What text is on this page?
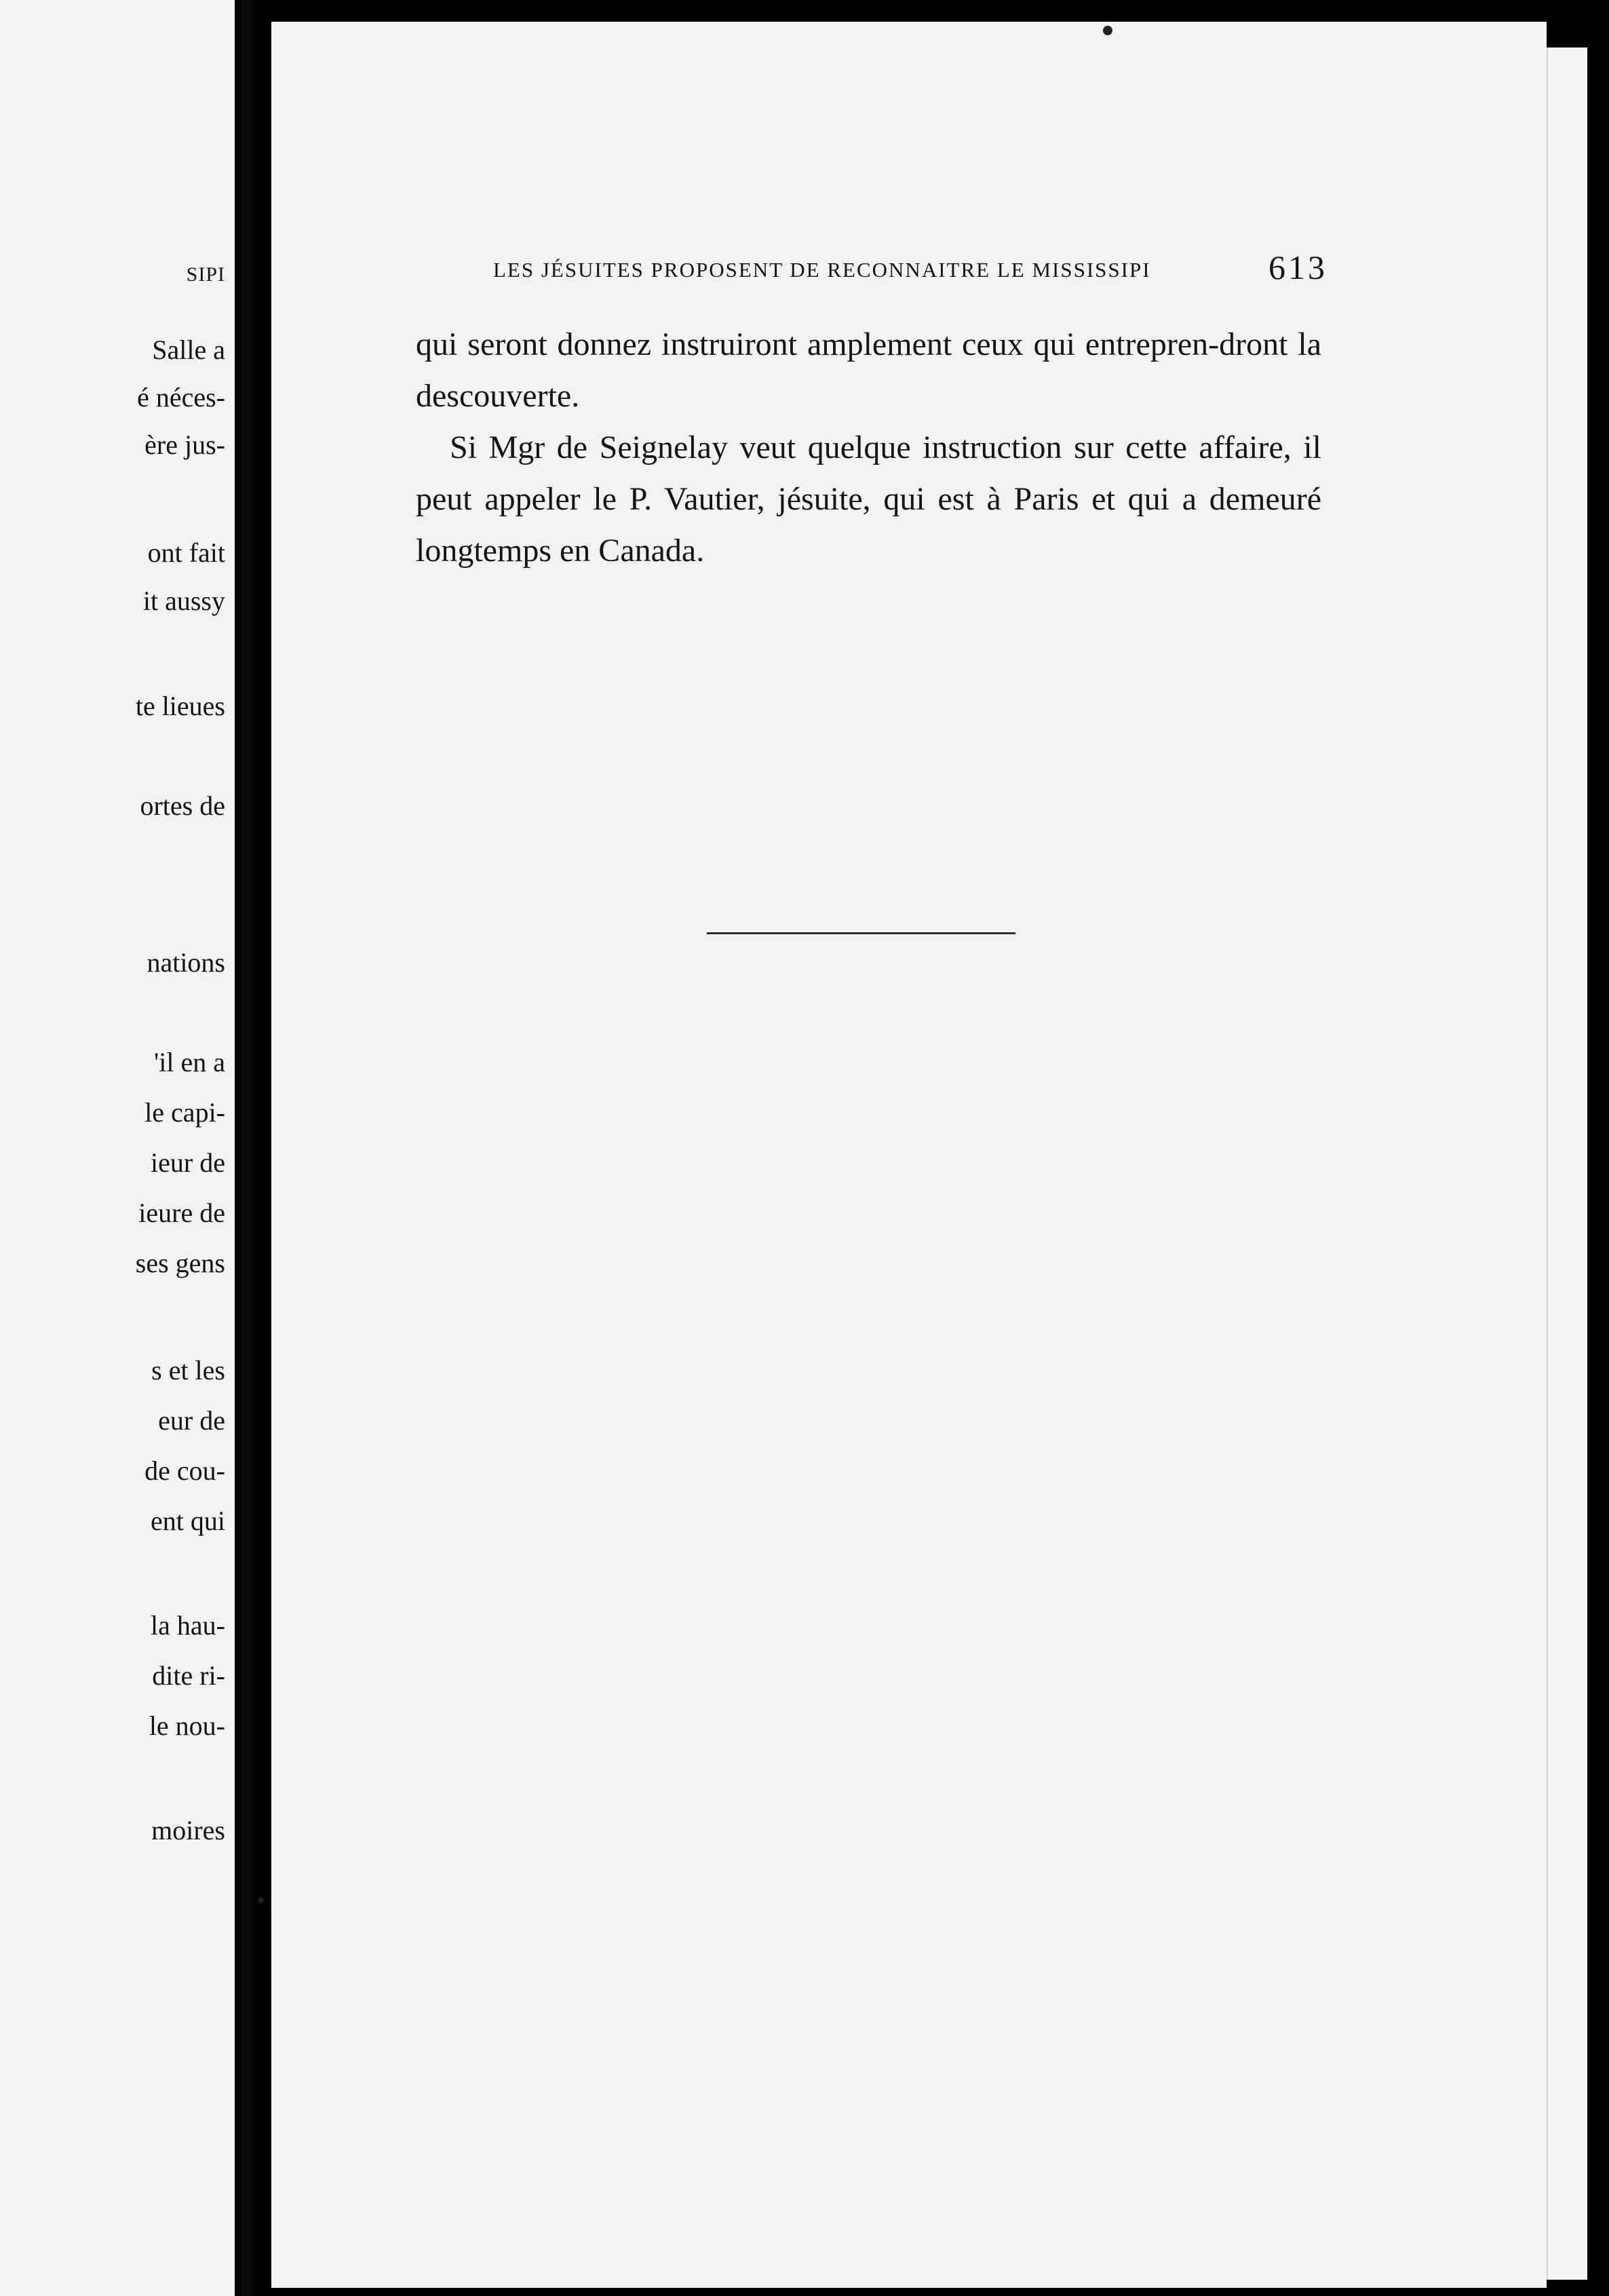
SIPI
Salle a
é néces-
ère jus-
ont fait
it aussy
te lieues
ortes de
nations
'il en a
le capi-
ieur de
ieure de
ses gens
s et les
eur de
de cou-
ent qui
la hau-
dite ri-
le nou-
moires
LES JÉSUITES PROPOSENT DE RECONNAITRE LE MISSISSIPI	613

qui seront donnez instruiront amplement ceux qui entrepren-dront la descouverte.

Si Mgr de Seignelay veut quelque instruction sur cette affaire, il peut appeler le P. Vautier, jésuite, qui est à Paris et qui a demeuré longtemps en Canada.
